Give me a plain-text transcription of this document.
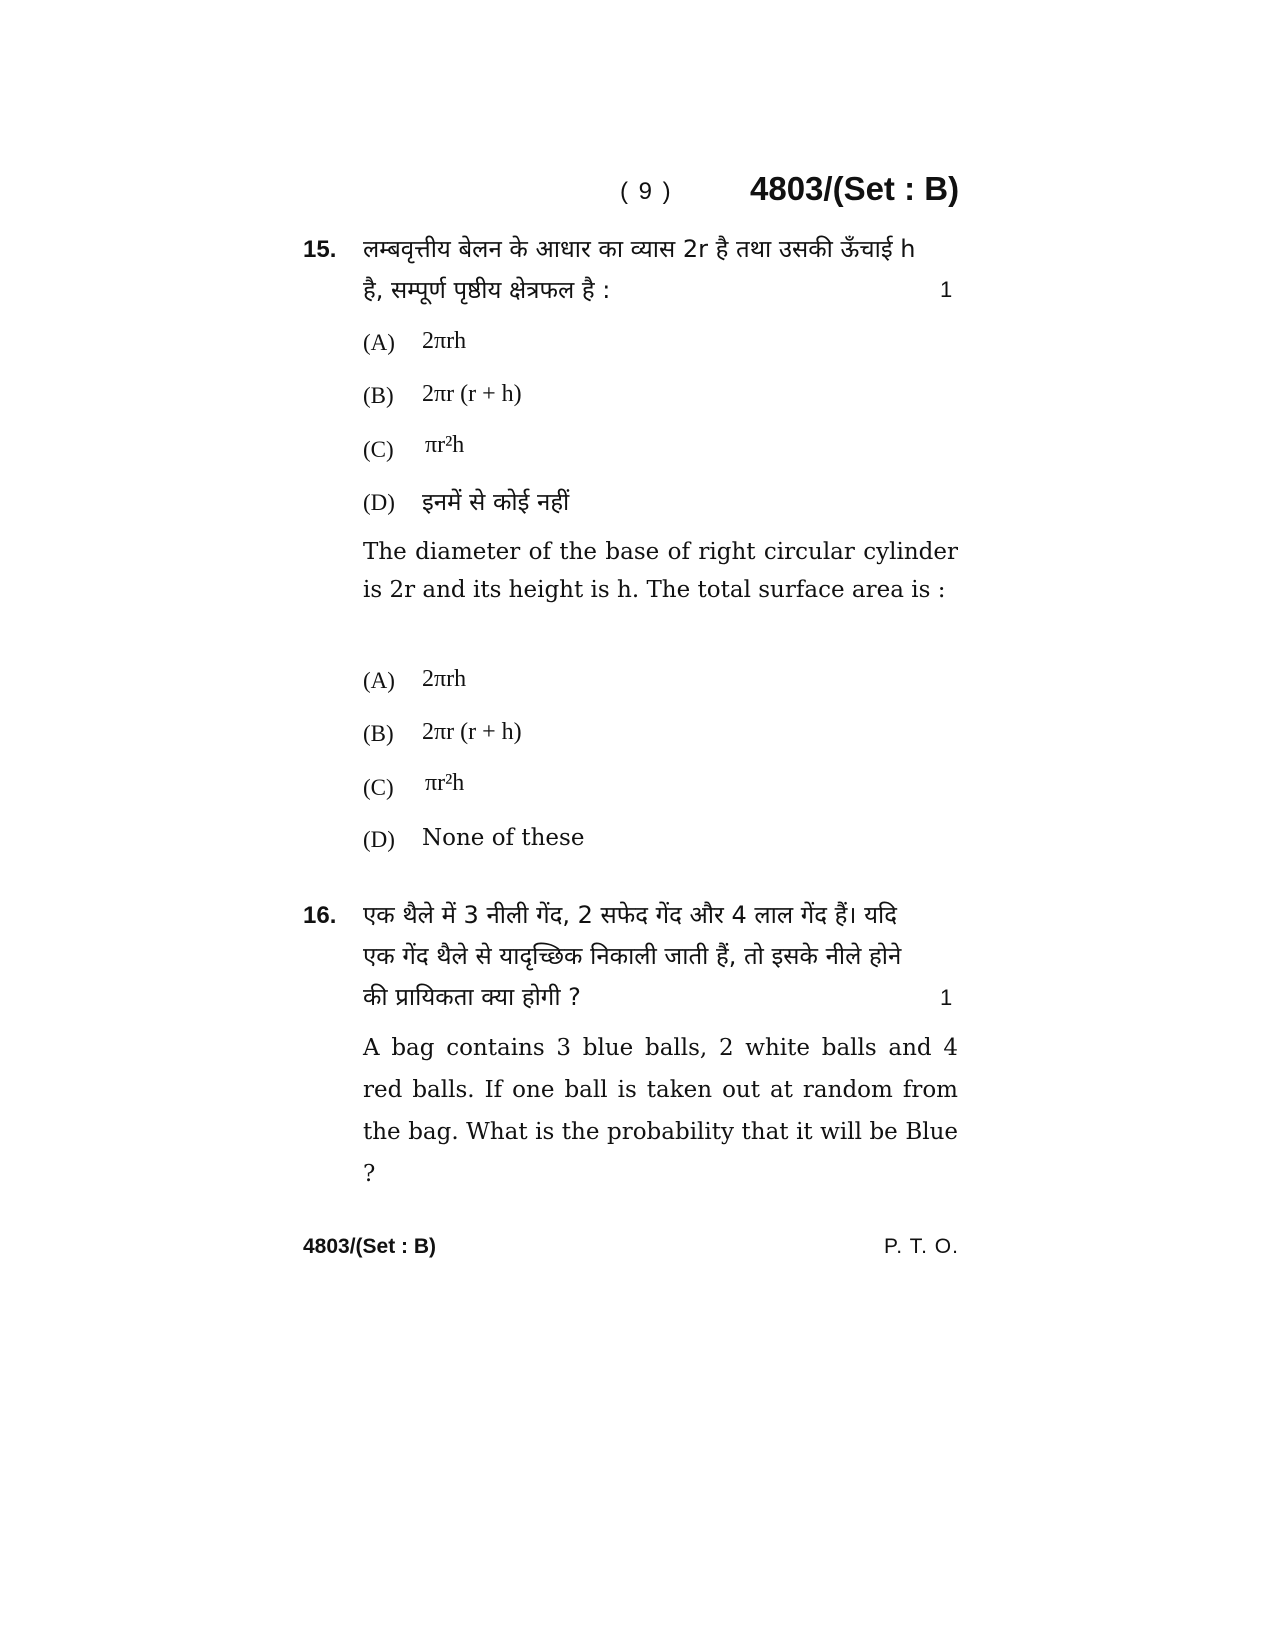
( 9 ) 4803/(Set : B)
15. लम्बवृत्तीय बेलन के आधार का व्यास 2r है तथा उसकी ऊँचाई h
है, सम्पूर्ण पृष्ठीय क्षेत्रफल है :	1
(A) 2πrh
(B) 2πr (r + h)
(C) πr²h
(D) इनमें से कोई नहीं
The diameter of the base of right circular cylinder is 2r and its height is h. The total surface area is :
(A) 2πrh
(B) 2πr (r + h)
(C) πr²h
(D) None of these
16. एक थैले में 3 नीली गेंद, 2 सफेद गेंद और 4 लाल गेंद हैं। यदि
एक गेंद थैले से यादृच्छिक निकाली जाती हैं, तो इसके नीले होने
की प्रायिकता क्या होगी ?	1
A bag contains 3 blue balls, 2 white balls and 4 red balls. If one ball is taken out at random from the bag. What is the probability that it will be Blue ?
4803/(Set : B)	P. T. O.
